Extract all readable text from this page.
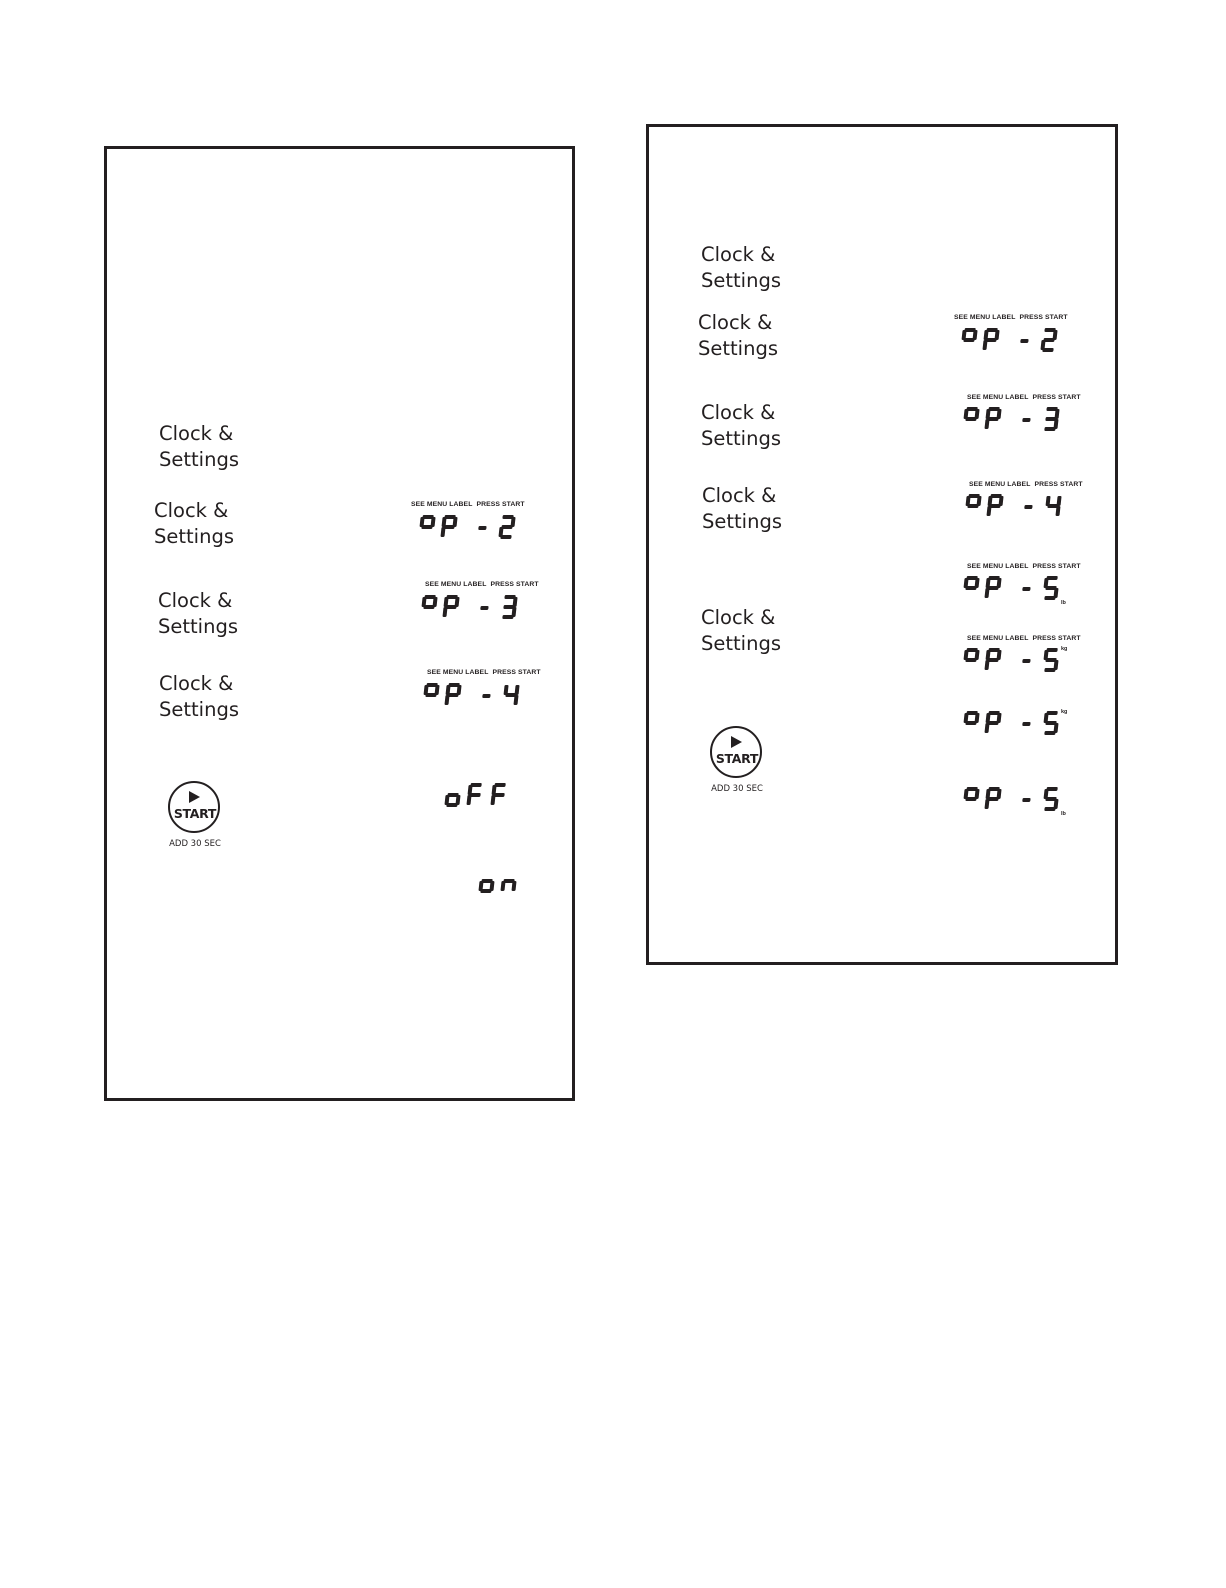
Clock &
Settings
Clock &
Settings
SEE MENU LABEL PRESS START
Clock &
Settings
SEE MENU LABEL PRESS START
Clock &
Settings
SEE MENU LABEL PRESS START
START
ADD 30 SEC
Clock &
Settings
Clock &
Settings
SEE MENU LABEL PRESS START
Clock &
Settings
SEE MENU LABEL PRESS START
Clock &
Settings
SEE MENU LABEL PRESS START
SEE MENU LABEL PRESS START
lb
Clock &
Settings	SEE MENU LABEL PRESS START
kg
kg
START
ADD 30 SEC
lb
